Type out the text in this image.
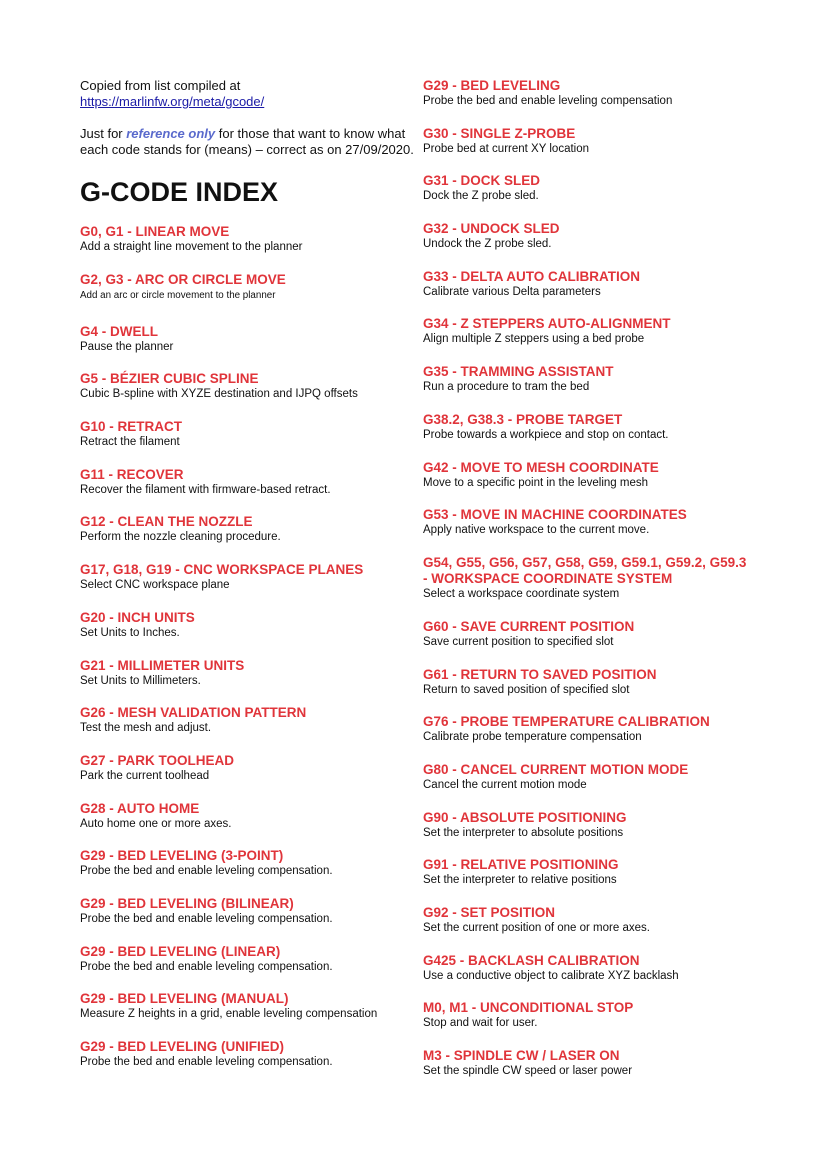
Copied from list compiled at

https://marlinfw.org/meta/gcode/

Just for reference only for those that want to know what each code stands for (means) – correct as on 27/09/2020.

G-CODE INDEX
G0, G1 - LINEAR MOVE
Add a straight line movement to the planner
G2, G3 - ARC OR CIRCLE MOVE
Add an arc or circle movement to the planner
G4 - DWELL
Pause the planner
G5 - BÉZIER CUBIC SPLINE
Cubic B-spline with XYZE destination and IJPQ offsets
G10 - RETRACT
Retract the filament
G11 - RECOVER
Recover the filament with firmware-based retract.
G12 - CLEAN THE NOZZLE
Perform the nozzle cleaning procedure.
G17, G18, G19 - CNC WORKSPACE PLANES
Select CNC workspace plane
G20 - INCH UNITS
Set Units to Inches.
G21 - MILLIMETER UNITS
Set Units to Millimeters.
G26 - MESH VALIDATION PATTERN
Test the mesh and adjust.
G27 - PARK TOOLHEAD
Park the current toolhead
G28 - AUTO HOME
Auto home one or more axes.
G29 - BED LEVELING (3-POINT)
Probe the bed and enable leveling compensation.
G29 - BED LEVELING (BILINEAR)
Probe the bed and enable leveling compensation.
G29 - BED LEVELING (LINEAR)
Probe the bed and enable leveling compensation.
G29 - BED LEVELING (MANUAL)
Measure Z heights in a grid, enable leveling compensation
G29 - BED LEVELING (UNIFIED)
Probe the bed and enable leveling compensation.
G29 - BED LEVELING
Probe the bed and enable leveling compensation
G30 - SINGLE Z-PROBE
Probe bed at current XY location
G31 - DOCK SLED
Dock the Z probe sled.
G32 - UNDOCK SLED
Undock the Z probe sled.
G33 - DELTA AUTO CALIBRATION
Calibrate various Delta parameters
G34 - Z STEPPERS AUTO-ALIGNMENT
Align multiple Z steppers using a bed probe
G35 - TRAMMING ASSISTANT
Run a procedure to tram the bed
G38.2, G38.3 - PROBE TARGET
Probe towards a workpiece and stop on contact.
G42 - MOVE TO MESH COORDINATE
Move to a specific point in the leveling mesh
G53 - MOVE IN MACHINE COORDINATES
Apply native workspace to the current move.
G54, G55, G56, G57, G58, G59, G59.1, G59.2, G59.3 - WORKSPACE COORDINATE SYSTEM
Select a workspace coordinate system
G60 - SAVE CURRENT POSITION
Save current position to specified slot
G61 - RETURN TO SAVED POSITION
Return to saved position of specified slot
G76 - PROBE TEMPERATURE CALIBRATION
Calibrate probe temperature compensation
G80 - CANCEL CURRENT MOTION MODE
Cancel the current motion mode
G90 - ABSOLUTE POSITIONING
Set the interpreter to absolute positions
G91 - RELATIVE POSITIONING
Set the interpreter to relative positions
G92 - SET POSITION
Set the current position of one or more axes.
G425 - BACKLASH CALIBRATION
Use a conductive object to calibrate XYZ backlash
M0, M1 - UNCONDITIONAL STOP
Stop and wait for user.
M3 - SPINDLE CW / LASER ON
Set the spindle CW speed or laser power
